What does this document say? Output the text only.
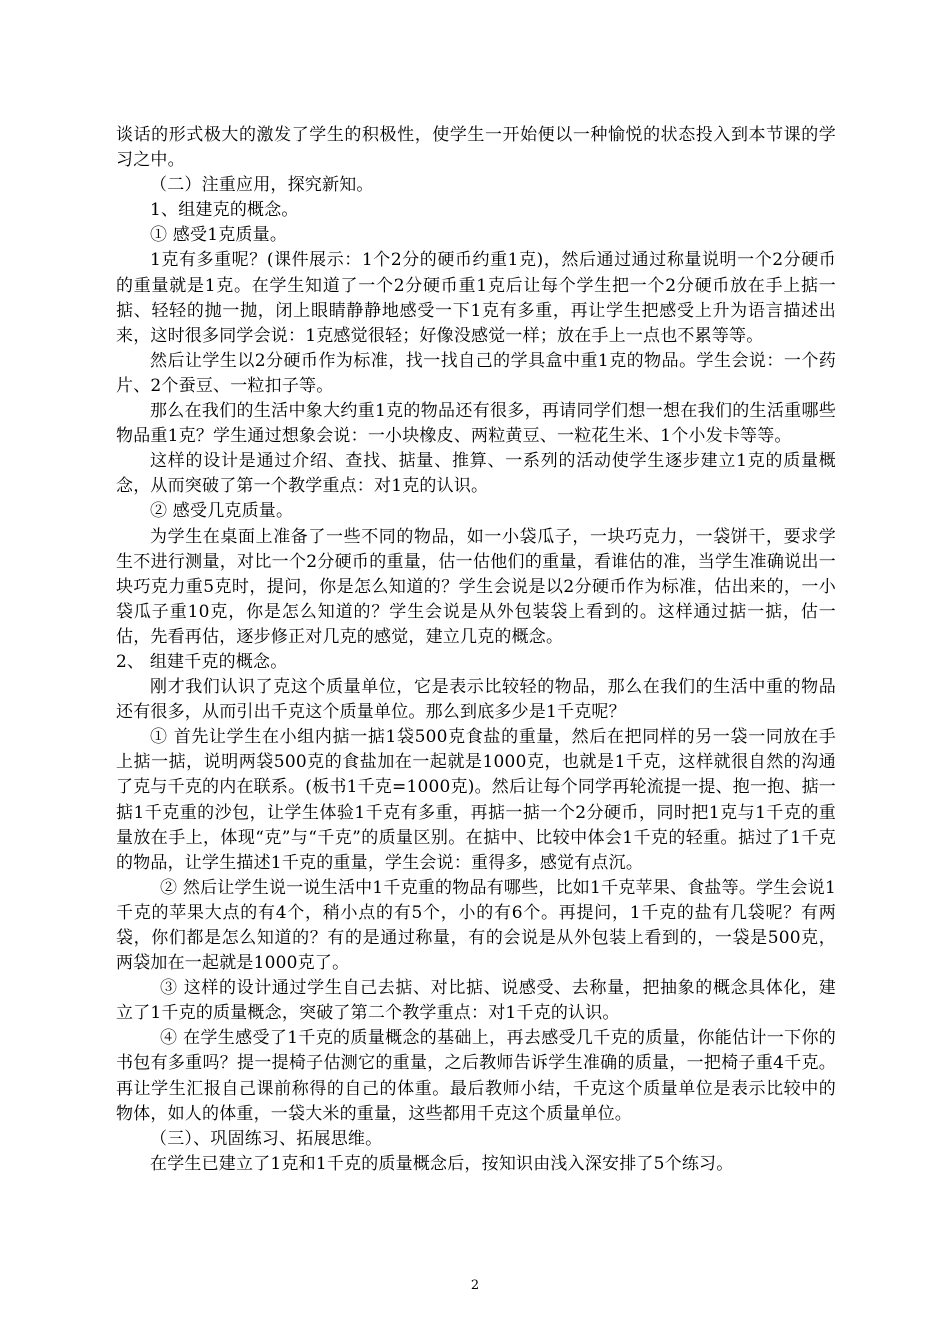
谈话的形式极大的激发了学生的积极性，使学生一开始便以一种愉悦的状态投入到本节课的学习之中。

（二）注重应用，探究新知。

1、组建克的概念。

① 感受1克质量。

1克有多重呢？(课件展示：1个2分的硬币约重1克)，然后通过通过称量说明一个2分硬币的重量就是1克。在学生知道了一个2分硬币重1克后让每个学生把一个2分硬币放在手上掂一掂、轻轻的抛一抛，闭上眼睛静静地感受一下1克有多重，再让学生把感受上升为语言描述出来，这时很多同学会说：1克感觉很轻；好像没感觉一样；放在手上一点也不累等等。

然后让学生以2分硬币作为标准，找一找自己的学具盒中重1克的物品。学生会说：一个药片、2个蚕豆、一粒扣子等。

那么在我们的生活中象大约重1克的物品还有很多，再请同学们想一想在我们的生活重哪些物品重1克？学生通过想象会说：一小块橡皮、两粒黄豆、一粒花生米、1个小发卡等等。

这样的设计是通过介绍、查找、掂量、推算、一系列的活动使学生逐步建立1克的质量概念，从而突破了第一个教学重点：对1克的认识。

② 感受几克质量。

为学生在桌面上准备了一些不同的物品，如一小袋瓜子，一块巧克力，一袋饼干，要求学生不进行测量，对比一个2分硬币的重量，估一估他们的重量，看谁估的准，当学生准确说出一块巧克力重5克时，提问，你是怎么知道的？学生会说是以2分硬币作为标准，估出来的，一小袋瓜子重10克，你是怎么知道的？学生会说是从外包装袋上看到的。这样通过掂一掂，估一估，先看再估，逐步修正对几克的感觉，建立几克的概念。

2、 组建千克的概念。

刚才我们认识了克这个质量单位，它是表示比较轻的物品，那么在我们的生活中重的物品还有很多，从而引出千克这个质量单位。那么到底多少是1千克呢？

① 首先让学生在小组内掂一掂1袋500克食盐的重量，然后在把同样的另一袋一同放在手上掂一掂，说明两袋500克的食盐加在一起就是1000克，也就是1千克，这样就很自然的沟通了克与千克的内在联系。(板书1千克=1000克)。然后让每个同学再轮流提一提、抱一抱、掂一掂1千克重的沙包，让学生体验1千克有多重，再掂一掂一个2分硬币，同时把1克与1千克的重量放在手上，体现“克”与“千克”的质量区别。在掂中、比较中体会1千克的轻重。掂过了1千克的物品，让学生描述1千克的重量，学生会说：重得多，感觉有点沉。

② 然后让学生说一说生活中1千克重的物品有哪些，比如1千克苹果、食盐等。学生会说1千克的苹果大点的有4个，稍小点的有5个，小的有6个。再提问，1千克的盐有几袋呢？有两袋，你们都是怎么知道的？有的是通过称量，有的会说是从外包装上看到的，一袋是500克，两袋加在一起就是1000克了。

③ 这样的设计通过学生自己去掂、对比掂、说感受、去称量，把抽象的概念具体化，建立了1千克的质量概念，突破了第二个教学重点：对1千克的认识。

④ 在学生感受了1千克的质量概念的基础上，再去感受几千克的质量，你能估计一下你的书包有多重吗？提一提椅子估测它的重量，之后教师告诉学生准确的质量，一把椅子重4千克。再让学生汇报自己课前称得的自己的体重。最后教师小结，千克这个质量单位是表示比较中的物体，如人的体重，一袋大米的重量，这些都用千克这个质量单位。

（三）、巩固练习、拓展思维。

在学生已建立了1克和1千克的质量概念后，按知识由浅入深安排了5个练习。

2
